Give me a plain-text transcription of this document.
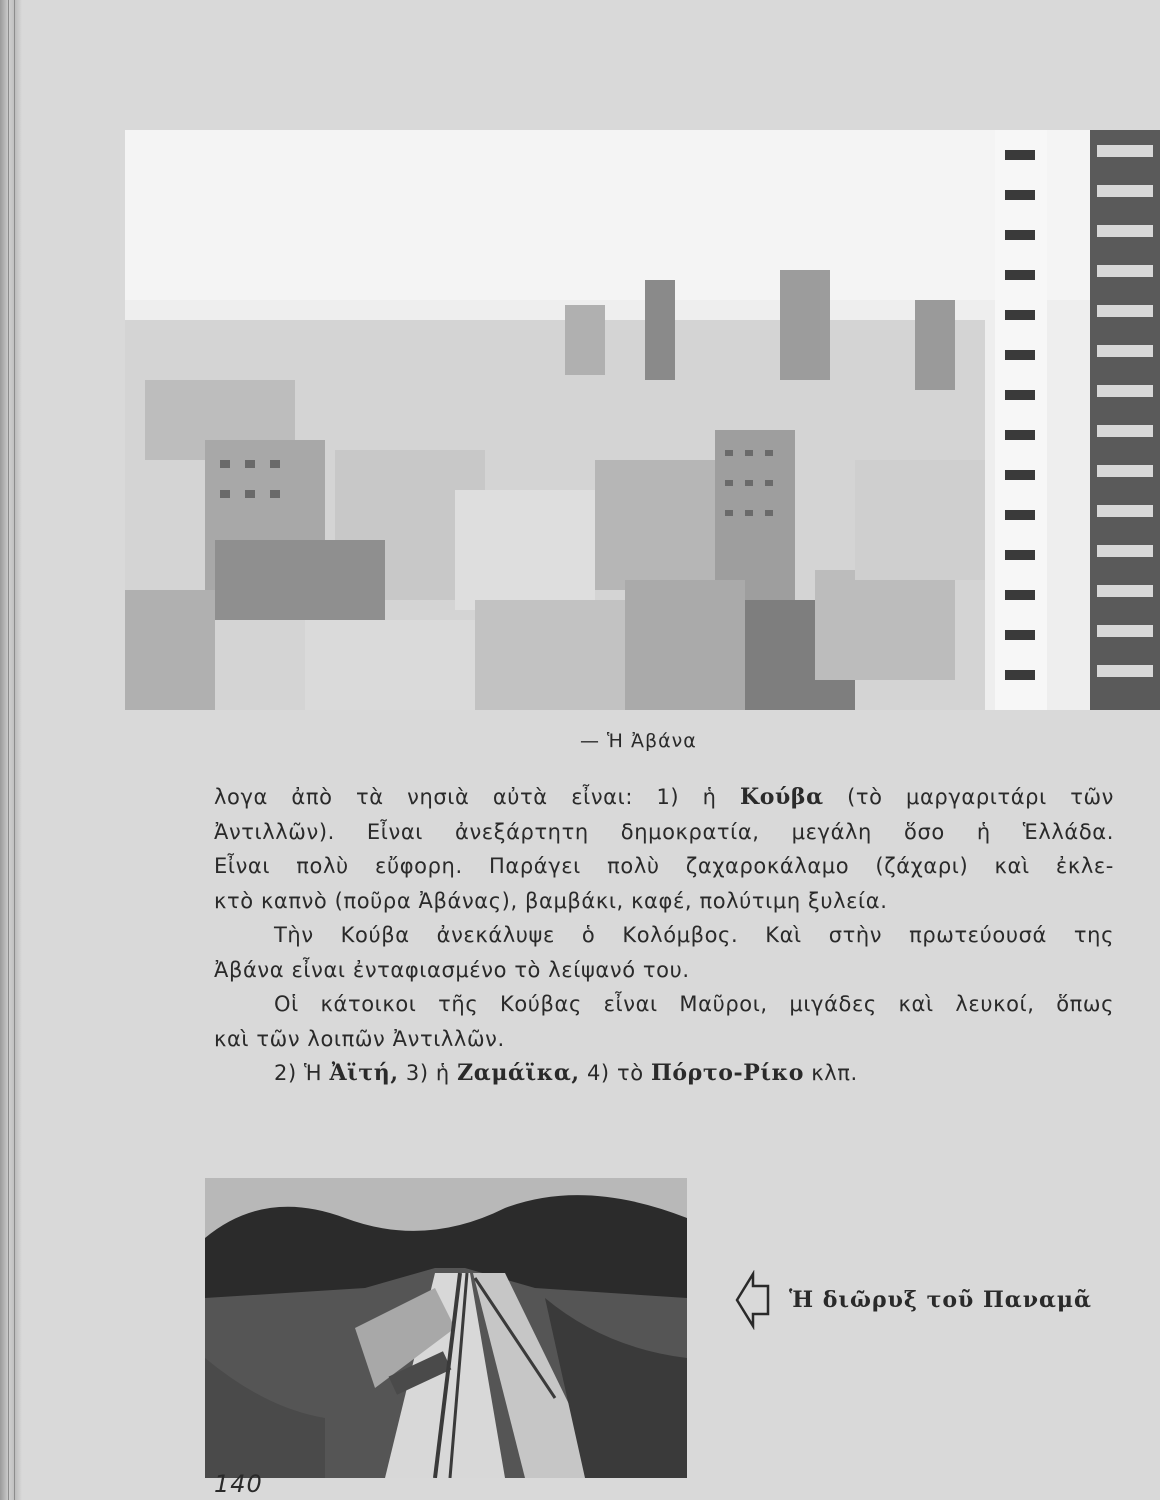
— Ἡ Ἀβάνα

λογα ἀπὸ τὰ νησιὰ αὐτὰ εἶναι: 1) ἡ Κούβα (τὸ μαργαριτάρι τῶν

Ἀντιλλῶν). Εἶναι ἀνεξάρτητη δημοκρατία, μεγάλη ὅσο ἡ Ἑλλάδα.

Εἶναι πολὺ εὔφορη. Παράγει πολὺ ζαχαροκάλαμο (ζάχαρι) καὶ ἐκλε-

κτὸ καπνὸ (ποῦρα Ἀβάνας), βαμβάκι, καφέ, πολύτιμη ξυλεία.

Τὴν Κούβα ἀνεκάλυψε ὁ Κολόμβος. Καὶ στὴν πρωτεύουσά της

Ἀβάνα εἶναι ἐνταφιασμένο τὸ λείψανό του.

Οἱ κάτοικοι τῆς Κούβας εἶναι Μαῦροι, μιγάδες καὶ λευκοί, ὅπως

καὶ τῶν λοιπῶν Ἀντιλλῶν.

2) Ἡ Ἀϊτή, 3) ἡ Ζαμάϊκα, 4) τὸ Πόρτο-Ρίκο κλπ.

Ἡ διῶρυξ τοῦ Παναμᾶ
140
